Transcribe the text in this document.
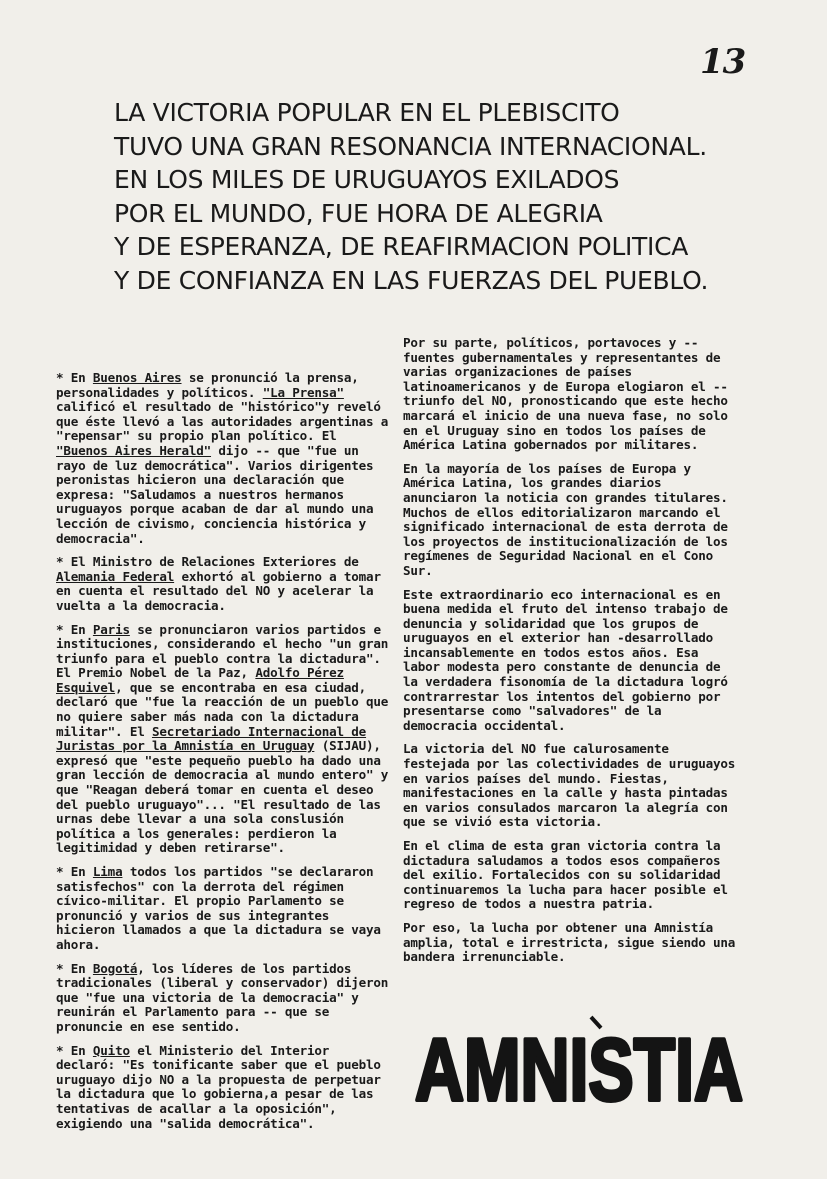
13
LA VICTORIA POPULAR EN EL PLEBISCITO
TUVO UNA GRAN RESONANCIA INTERNACIONAL.
EN LOS MILES DE URUGUAYOS EXILADOS
POR EL MUNDO, FUE HORA DE ALEGRIA
Y DE ESPERANZA, DE REAFIRMACION POLITICA
Y DE CONFIANZA EN LAS FUERZAS DEL PUEBLO.

* En Buenos Aires se pronunció la prensa, personalidades y políticos. "La Prensa" calificó el resultado de "histórico"y reveló que éste llevó a las autoridades argentinas a "repensar" su propio plan político. El "Buenos Aires Herald" dijo -- que "fue un rayo de luz democrática". Varios dirigentes peronistas hicieron una declaración que expresa: "Saludamos a nuestros hermanos uruguayos porque acaban de dar al mundo una lección de civismo, conciencia histórica y democracia".

* El Ministro de Relaciones Exteriores de Alemania Federal exhortó al gobierno a tomar en cuenta el resultado del NO y acelerar la vuelta a la democracia.

* En Paris se pronunciaron varios partidos e instituciones, considerando el hecho "un gran triunfo para el pueblo contra la dictadura". El Premio Nobel de la Paz, Adolfo Pérez Esquivel, que se encontraba en esa ciudad, declaró que "fue la reacción de un pueblo que no quiere saber más nada con la dictadura militar". El Secretariado Internacional de Juristas por la Amnistía en Uruguay (SIJAU), expresó que "este pequeño pueblo ha dado una gran lección de democracia al mundo entero" y que "Reagan deberá tomar en cuenta el deseo del pueblo uruguayo"... "El resultado de las urnas debe llevar a una sola conslusión política a los generales: perdieron la legitimidad y deben retirarse".

* En Lima todos los partidos "se declararon satisfechos" con la derrota del régimen cívico-militar. El propio Parlamento se pronunció y varios de sus integrantes hicieron llamados a que la dictadura se vaya ahora.

* En Bogotá, los líderes de los partidos tradicionales (liberal y conservador) dijeron que "fue una victoria de la democracia" y reunirán el Parlamento para -- que se pronuncie en ese sentido.

* En Quito el Ministerio del Interior declaró: "Es tonificante saber que el pueblo uruguayo dijo NO a la propuesta de perpetuar la dictadura que lo gobierna,a pesar de las tentativas de acallar a la oposición", exigiendo una "salida democrática".

Por su parte, políticos, portavoces y -- fuentes gubernamentales y representantes de varias organizaciones de países latinoamericanos y de Europa elogiaron el -- triunfo del NO, pronosticando que este hecho marcará el inicio de una nueva fase, no solo en el Uruguay sino en todos los países de América Latina gobernados por militares.

En la mayoría de los países de Europa y América Latina, los grandes diarios anunciaron la noticia con grandes titulares. Muchos de ellos editorializaron marcando el significado internacional de esta derrota de los proyectos de institucionalización de los regímenes de Seguridad Nacional en el Cono Sur.

Este extraordinario eco internacional es en buena medida el fruto del intenso trabajo de denuncia y solidaridad que los grupos de uruguayos en el exterior han -desarrollado incansablemente en todos estos años. Esa labor modesta pero constante de denuncia de la verdadera fisonomía de la dictadura logró contrarrestar los intentos del gobierno por presentarse como "salvadores" de la democracia occidental.

La victoria del NO fue calurosamente festejada por las colectividades de uruguayos en varios países del mundo. Fiestas, manifestaciones en la calle y hasta pintadas en varios consulados marcaron la alegría con que se vivió esta victoria.

En el clima de esta gran victoria contra la dictadura saludamos a todos esos compañeros del exilio. Fortalecidos con su solidaridad continuaremos la lucha para hacer posible el regreso de todos a nuestra patria.

Por eso, la lucha por obtener una Amnistía amplia, total e irrestricta, sigue siendo una bandera irrenunciable.

AMNISTIA
